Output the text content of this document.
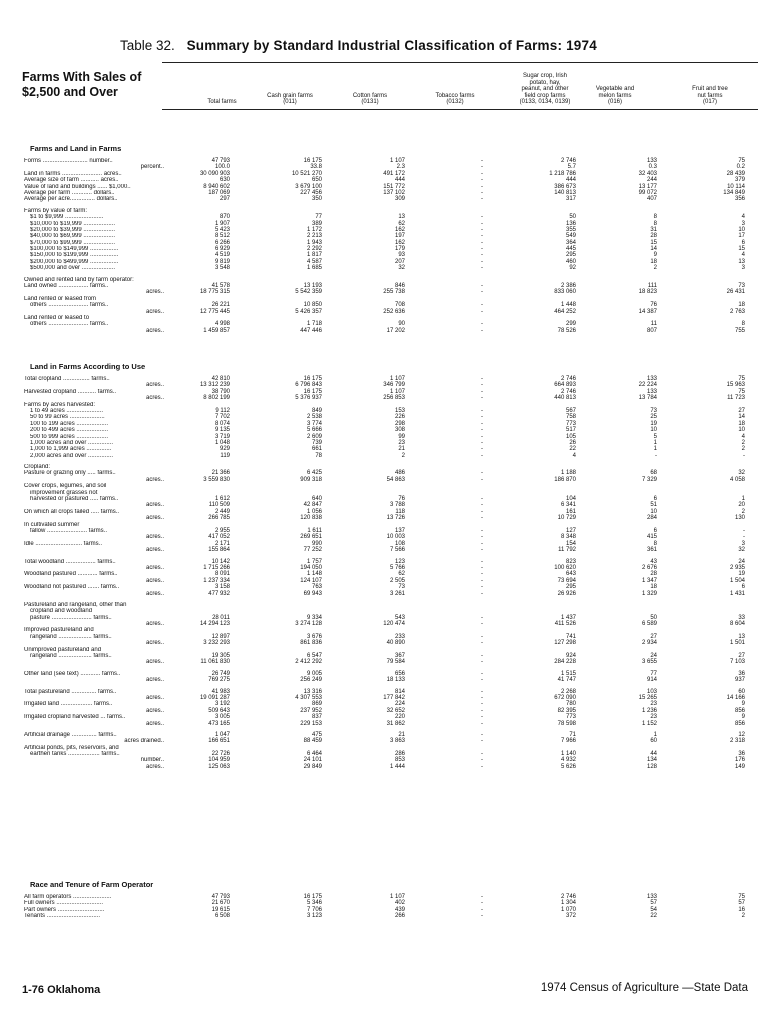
Table 32. Summary by Standard Industrial Classification of Farms: 1974
Farms With Sales of
$2,500 and Over
Total farms
Cash grain farms
(011)
Cotton farms
(0131)
Tobacco farms
(0132)
Sugar crop, Irish
potato, hay,
peanut, and other
field crop farms
(0133, 0134, 0139)
Vegetable and
melon farms
(016)
Fruit and tree
nut farms
(017)
Farms and Land in Farms
Forms ........................... number..	47 793	16 175	1 107	-	2 746	133	75
percent..	100.0	33.8	2.3	-	5.7	0.3	0.2
Land in farms ........................ acres..	30 090 903	10 521 270	491 172	-	1 218 786	32 403	28 439
Average size of farm ........... acres..	630	650	444	-	444	244	379
Value of land and buildings ...... $1,000..	8 940 602	3 679 100	151 772	-	386 673	13 177	10 114
Average per farm ............ dollars..	187 069	227 456	137 102	-	140 813	99 072	134 849
Average per acre............... dollars..	297	350	309	-	317	407	356
Farms by value of farm:
$1 to $9,999 .......................	870	77	13	-	50	8	4
$10,000 to $19,999 ...................	1 907	389	62	-	136	8	3
$20,000 to $39,999 ...................	5 423	1 172	162	-	355	31	10
$40,000 to $69,999 ...................	8 512	2 213	197	-	549	28	17
$70,000 to $99,999 ...................	6 266	1 943	162	-	364	15	6
$100,000 to $149,999 .................	6 929	2 292	179	-	445	14	15
$150,000 to $199,999 .................	4 519	1 817	93	-	295	9	4
$200,000 to $499,999 .................	9 819	4 587	207	-	460	18	13
$500,000 and over ....................	3 548	1 685	32	-	92	2	3
Owned and rented land by farm operator:
Land owned .................. farms..	41 578	13 193	846	-	2 386	111	73
acres..	18 775 315	5 542 359	255 738	-	833 060	18 823	26 431
Land rented or leased from
others ........................ farms..	26 221	10 850	708	-	1 448	76	18
acres..	12 775 445	5 426 357	252 636	-	464 252	14 387	2 763
Land rented or leased to
others ........................ farms..	4 998	1 718	90	-	299	11	8
acres..	1 459 857	447 446	17 202	-	78 526	807	755
Land in Farms According to Use
Total cropland ................ farms..	42 810	16 175	1 107	-	2 746	133	75
acres..	13 312 239	6 796 843	346 799	-	664 893	22 224	15 963
Harvested cropland ........... farms..	38 790	16 175	1 107	-	2 746	133	75
acres..	8 802 199	5 376 937	256 853	-	440 813	13 784	11 723
Farms by acres harvested:
1 to 49 acres ......................	9 112	849	153	-	567	73	27
50 to 99 acres .....................	7 702	2 538	226	-	758	25	14
100 to 199 acres ...................	8 074	3 774	298	-	773	19	18
200 to 499 acres ...................	9 135	5 666	308	-	517	10	10
500 to 999 acres ...................	3 719	2 609	99	-	105	5	4
1,000 acres and over ...............	1 048	739	23	-	26	1	2
1,000 to 1,999 acres ...............	929	661	21	-	22	1	2
2,000 acres and over ...............	119	78	2	-	4	-	-
Cropland:
Pasture or grazing only ..... farms..	21 366	6 425	486	-	1 188	68	32
acres..	3 559 830	909 318	54 863	-	186 870	7 329	4 058
Cover crops, legumes, and soil
improvement grasses not
harvested or pastured ..... farms..	1 612	640	76	-	104	6	1
acres..	110 509	42 847	3 788	-	6 341	51	20
On which all crops failed ..... farms..	2 449	1 056	118	-	161	10	2
acres..	266 785	120 838	13 726	-	10 729	284	130
In cultivated summer
fallow ........................ farms..	2 955	1 611	137	-	127	6	-
acres..	417 052	269 651	10 003	-	8 348	415	-
Idle ............................ farms..	2 171	990	108	-	154	8	3
acres..	155 864	77 252	7 566	-	11 792	361	32
Total woodland .................. farms..	10 142	1 757	123	-	823	43	24
acres..	1 715 266	194 050	5 766	-	100 620	2 676	2 935
Woodland pastured ............ farms..	8 091	1 148	62	-	643	28	19
acres..	1 237 334	124 107	2 505	-	73 694	1 347	1 504
Woodland not pastured ....... farms..	3 158	763	73	-	295	18	6
acres..	477 932	69 943	3 261	-	26 926	1 329	1 431
Pastureland and rangeland, other than
cropland and woodland
pasture ........................ farms..	28 011	9 334	543	-	1 437	50	33
acres..	14 294 123	3 274 128	120 474	-	411 526	6 589	8 604
Improved pastureland and
rangeland .................... farms..	12 897	3 676	233	-	741	27	13
acres..	3 232 293	861 836	40 890	-	127 298	2 934	1 501
Unimproved pastureland and
rangeland .................... farms..	19 305	6 547	367	-	924	24	27
acres..	11 061 830	2 412 292	79 584	-	284 228	3 655	7 103
Other land (see text) ............ farms..	26 749	9 005	656	-	1 515	77	36
acres..	769 275	256 249	18 133	-	41 747	914	937
Total pastureland ............... farms..	41 983	13 316	814	-	2 268	103	60
acres..	19 091 287	4 307 553	177 842	-	672 090	15 265	14 166
Irrigated land ................... farms..	3 192	869	224	-	780	23	9
acres..	509 643	237 952	32 652	-	82 395	1 236	856
Irrigated cropland harvested ... farms..	3 005	837	220	-	773	23	9
acres..	473 165	229 153	31 862	-	78 598	1 152	856
Artificial drainage ............... farms..	1 047	475	21	-	71	1	12
acres drained..	166 651	88 459	3 863	-	7 966	60	2 318
Artificial ponds, pits, reservoirs, and
earthen tanks ................... farms..	22 726	6 464	286	-	1 140	44	36
number..	104 959	24 101	853	-	4 932	134	176
acres..	125 063	29 849	1 444	-	5 626	128	149
Race and Tenure of Farm Operator
All farm operators .......................	47 793	16 175	1 107	-	2 746	133	75
Full owners ............................	21 670	5 346	402	-	1 304	57	57
Part owners ............................	19 615	7 706	439	-	1 070	54	16
Tenants ................................	6 508	3 123	266	-	372	22	2
1-76 Oklahoma	1974 Census of Agriculture —State Data
